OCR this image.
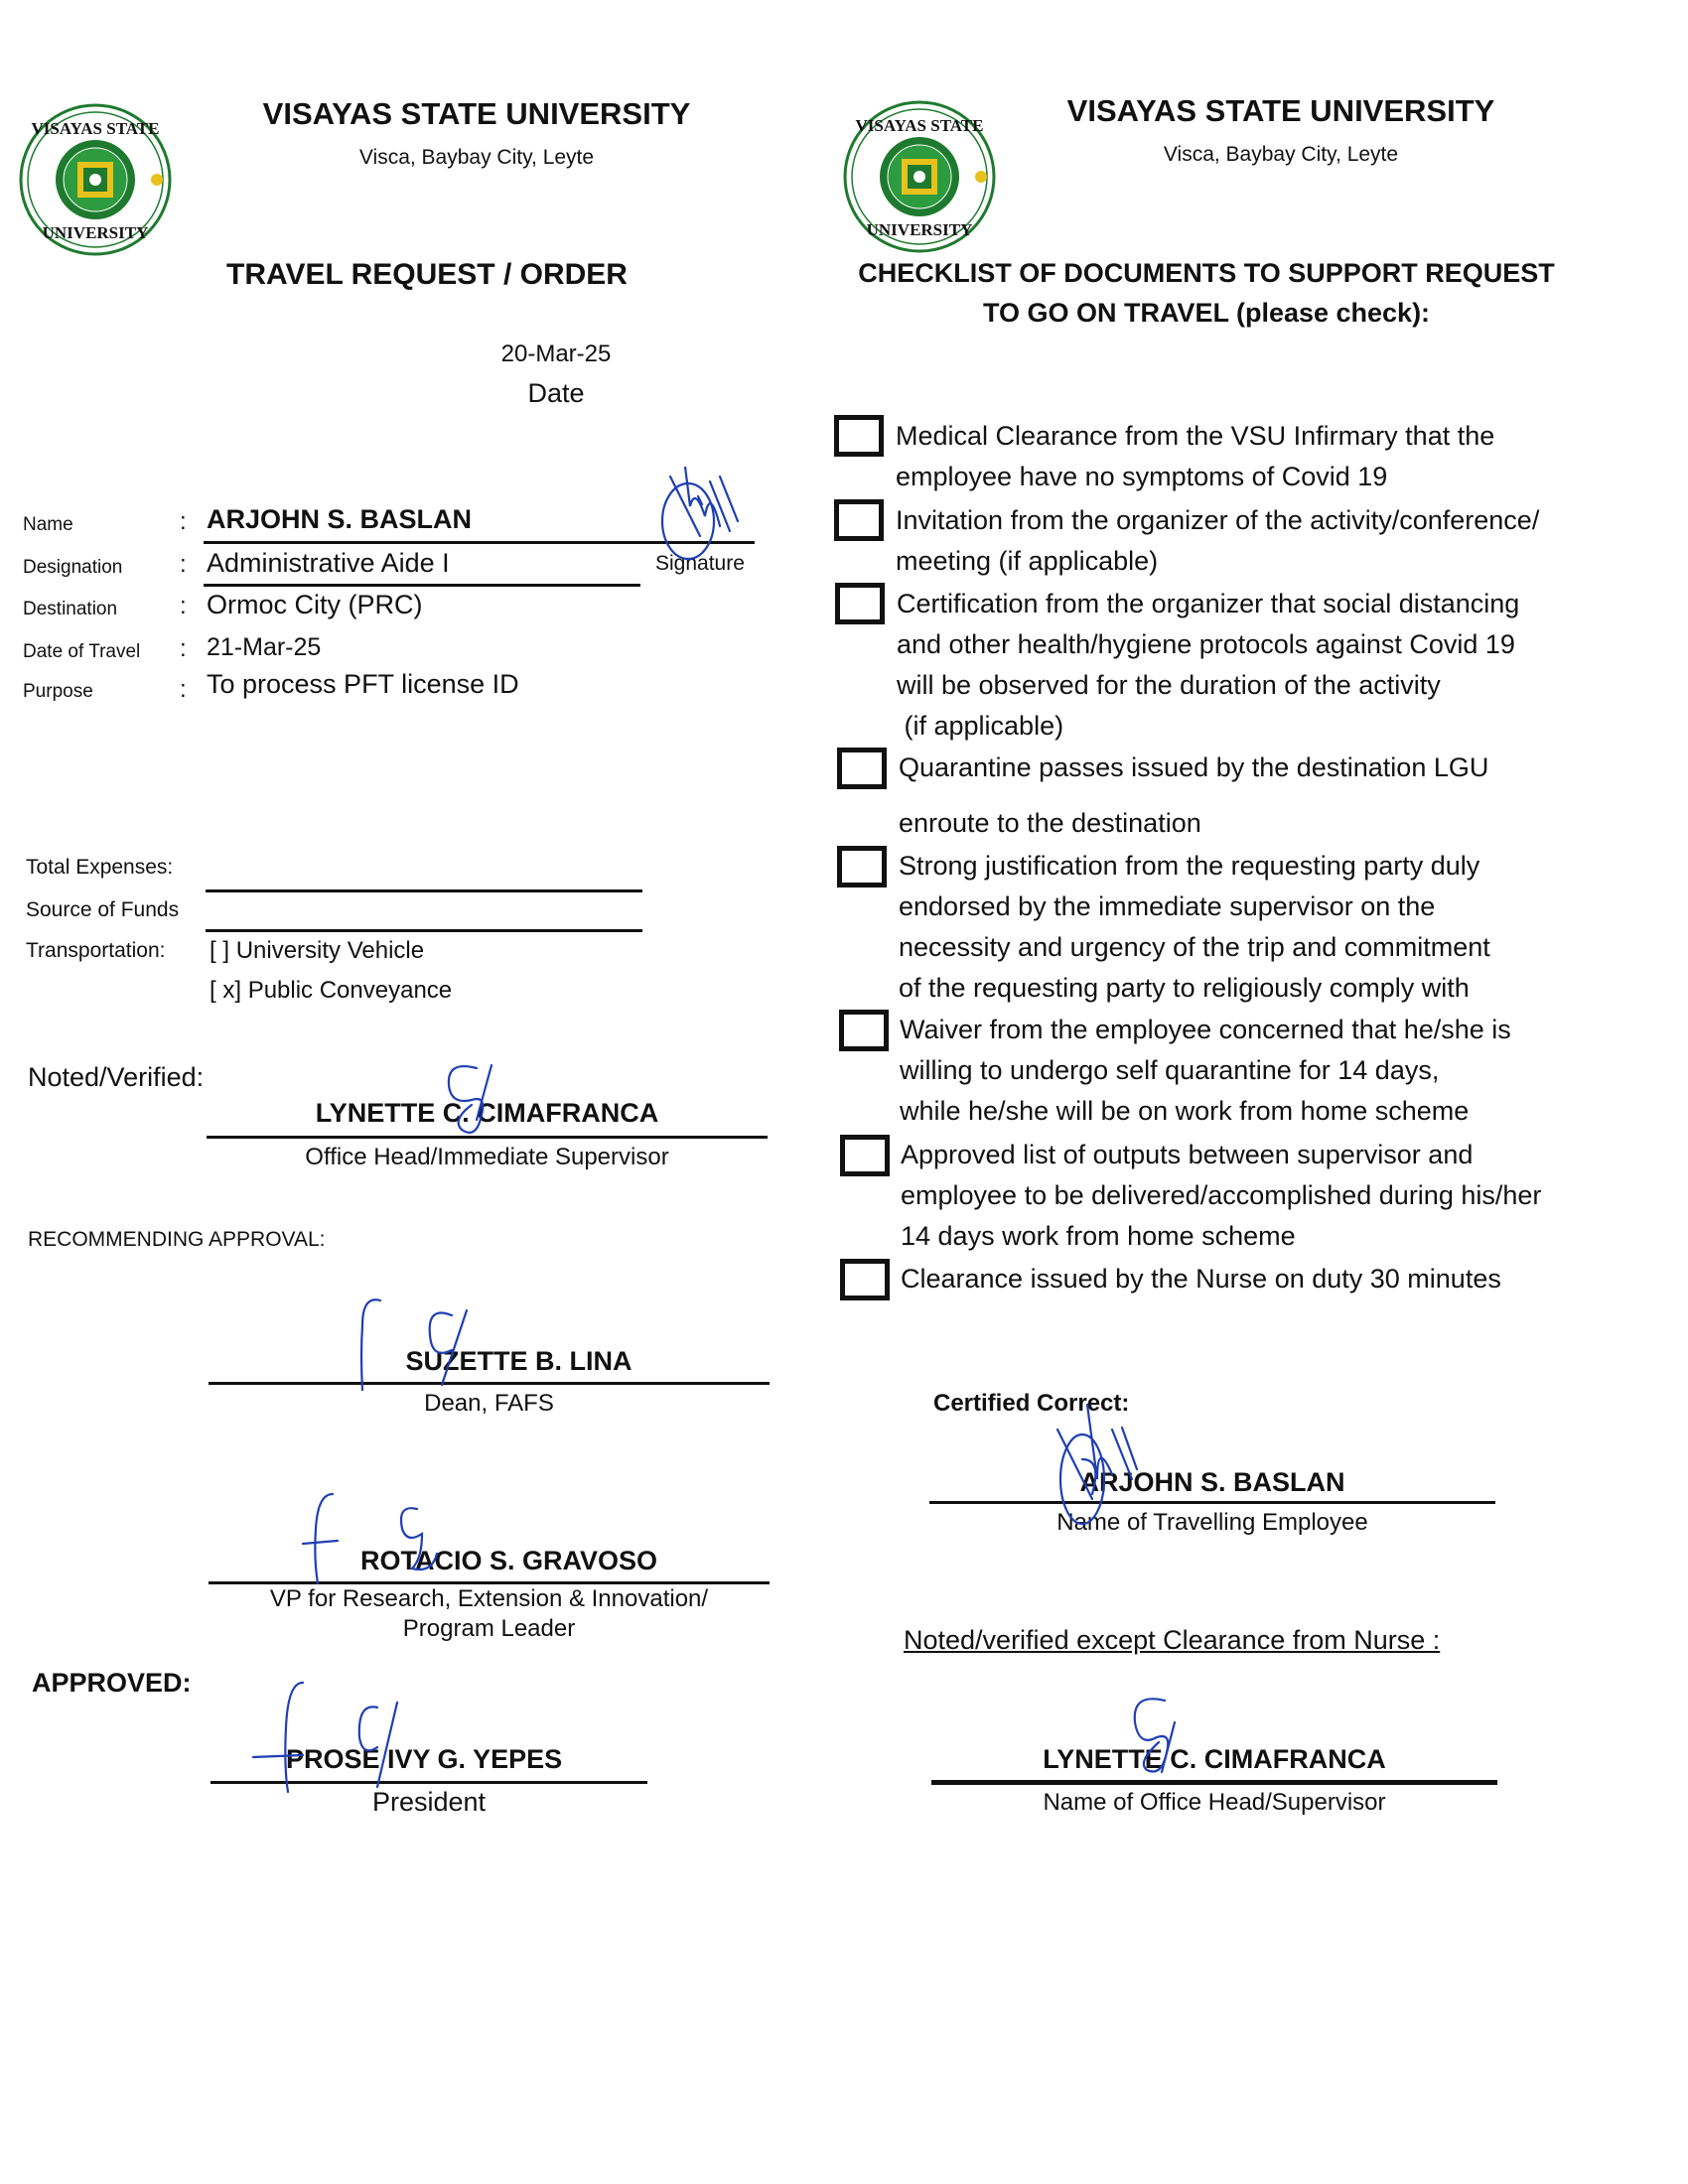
VISAYAS STATE
UNIVERSITY
VISAYAS STATE UNIVERSITY
Visca, Baybay City, Leyte
TRAVEL REQUEST / ORDER
20-Mar-25
Date
Name	: ARJOHN S. BASLAN
Designation : Administrative Aide I	Signature
Destination	: Ormoc City (PRC)
Date of Travel : 21-Mar-25
Purpose	: To process PFT license ID
Total Expenses:
Source of Funds
Transportation: [ ] University Vehicle
[ x] Public Conveyance
Noted/Verified:
LYNETTE C. CIMAFRANCA
Office Head/Immediate Supervisor
RECOMMENDING APPROVAL:
SUZETTE B. LINA
Dean, FAFS
ROTACIO S. GRAVOSO
VP for Research, Extension & Innovation/
Program Leader
APPROVED:
PROSE IVY G. YEPES
President
VISAYAS STATE
UNIVERSITY
VISAYAS STATE UNIVERSITY
Visca, Baybay City, Leyte
CHECKLIST OF DOCUMENTS TO SUPPORT REQUEST
TO GO ON TRAVEL (please check):
Medical Clearance from the VSU Infirmary that the
employee have no symptoms of Covid 19
Invitation from the organizer of the activity/conference/
meeting (if applicable)
Certification from the organizer that social distancing
and other health/hygiene protocols against Covid 19
will be observed for the duration of the activity
(if applicable)
Quarantine passes issued by the destination LGU
enroute to the destination
Strong justification from the requesting party duly
endorsed by the immediate supervisor on the
necessity and urgency of the trip and commitment
of the requesting party to religiously comply with
Waiver from the employee concerned that he/she is
willing to undergo self quarantine for 14 days,
while he/she will be on work from home scheme
Approved list of outputs between supervisor and
employee to be delivered/accomplished during his/her
14 days work from home scheme
Clearance issued by the Nurse on duty 30 minutes
Certified Correct:
ARJOHN S. BASLAN
Name of Travelling Employee
Noted/verified except Clearance from Nurse :
LYNETTE C. CIMAFRANCA
Name of Office Head/Supervisor
